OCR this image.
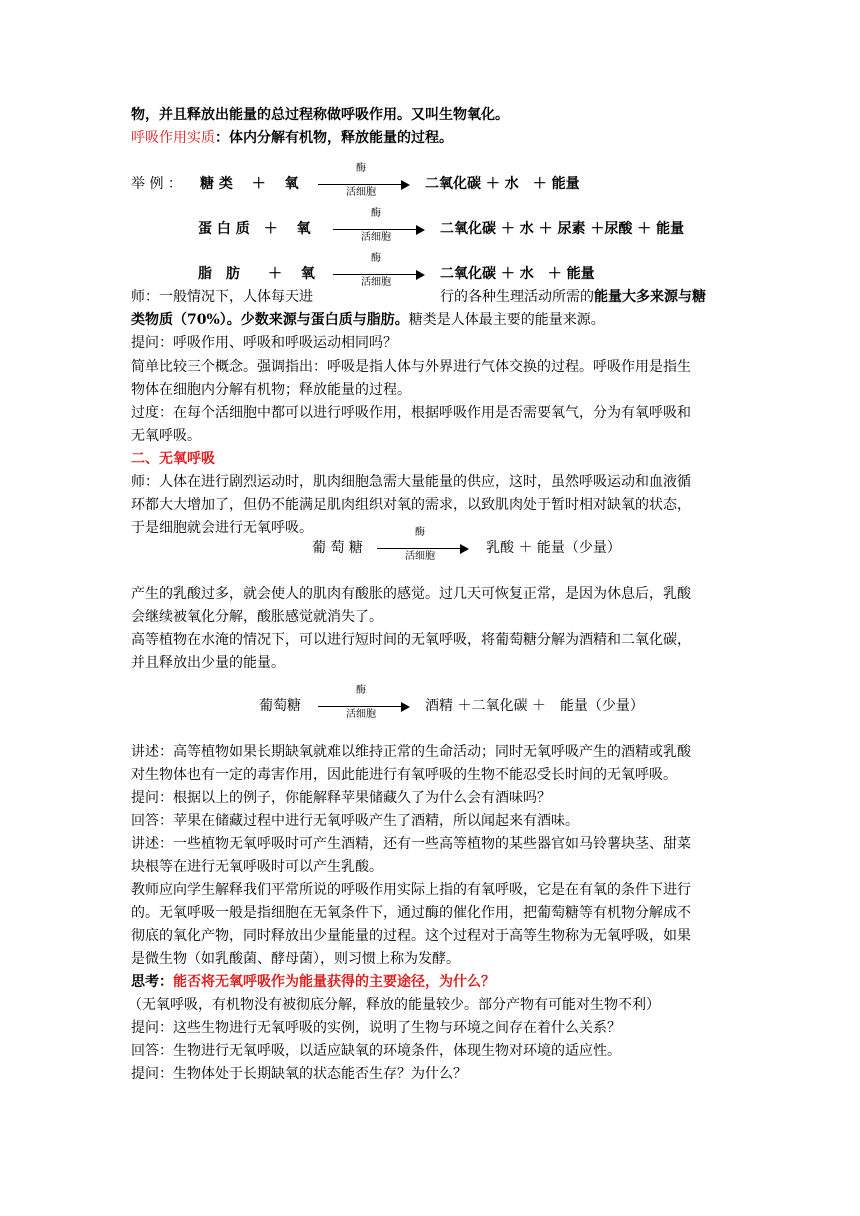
物，并且释放出能量的总过程称做呼吸作用。又叫生物氧化。
呼吸作用实质：体内分解有机物，释放能量的过程。
举 例 ： 糖 类　 ＋　 氧
酶
活细胞
二氧化碳 ＋ 水　＋ 能量
蛋 白 质　＋　 氧
酶
活细胞
二氧化碳 ＋ 水 ＋ 尿素 ＋尿酸 ＋ 能量
脂　肪　　＋　 氧
酶
活细胞
二氧化碳 ＋ 水　＋ 能量
师：一般情况下，人体每天进	行的各种生理活动所需的能量大多来源与糖
类物质（70%）。少数来源与蛋白质与脂肪。糖类是人体最主要的能量来源。
提问：呼吸作用、呼吸和呼吸运动相同吗？
简单比较三个概念。强调指出：呼吸是指人体与外界进行气体交换的过程。呼吸作用是指生
物体在细胞内分解有机物；释放能量的过程。
过度：在每个活细胞中都可以进行呼吸作用，根据呼吸作用是否需要氧气，分为有氧呼吸和
无氧呼吸。
二、无氧呼吸
师：人体在进行剧烈运动时，肌肉细胞急需大量能量的供应，这时，虽然呼吸运动和血液循
环都大大增加了，但仍不能满足肌肉组织对氧的需求，以致肌肉处于暂时相对缺氧的状态，
于是细胞就会进行无氧呼吸。
葡 萄 糖
酶
活细胞
乳酸 ＋ 能量（少量）
产生的乳酸过多，就会使人的肌肉有酸胀的感觉。过几天可恢复正常，是因为休息后，乳酸
会继续被氧化分解，酸胀感觉就消失了。
高等植物在水淹的情况下，可以进行短时间的无氧呼吸，将葡萄糖分解为酒精和二氧化碳，
并且释放出少量的能量。
葡萄糖
酶
活细胞
酒精 ＋二氧化碳 ＋　能量（少量）
讲述：高等植物如果长期缺氧就难以维持正常的生命活动；同时无氧呼吸产生的酒精或乳酸
对生物体也有一定的毒害作用，因此能进行有氧呼吸的生物不能忍受长时间的无氧呼吸。
提问：根据以上的例子，你能解释苹果储藏久了为什么会有酒味吗？
回答：苹果在储藏过程中进行无氧呼吸产生了酒精，所以闻起来有酒味。
讲述：一些植物无氧呼吸时可产生酒精，还有一些高等植物的某些器官如马铃薯块茎、甜菜
块根等在进行无氧呼吸时可以产生乳酸。
教师应向学生解释我们平常所说的呼吸作用实际上指的有氧呼吸，它是在有氧的条件下进行
的。无氧呼吸一般是指细胞在无氧条件下，通过酶的催化作用，把葡萄糖等有机物分解成不
彻底的氧化产物，同时释放出少量能量的过程。这个过程对于高等生物称为无氧呼吸，如果
是微生物（如乳酸菌、酵母菌），则习惯上称为发酵。
思考：能否将无氧呼吸作为能量获得的主要途径，为什么？
（无氧呼吸，有机物没有被彻底分解，释放的能量较少。部分产物有可能对生物不利）
提问：这些生物进行无氧呼吸的实例，说明了生物与环境之间存在着什么关系？
回答：生物进行无氧呼吸，以适应缺氧的环境条件，体现生物对环境的适应性。
提问：生物体处于长期缺氧的状态能否生存？为什么？
